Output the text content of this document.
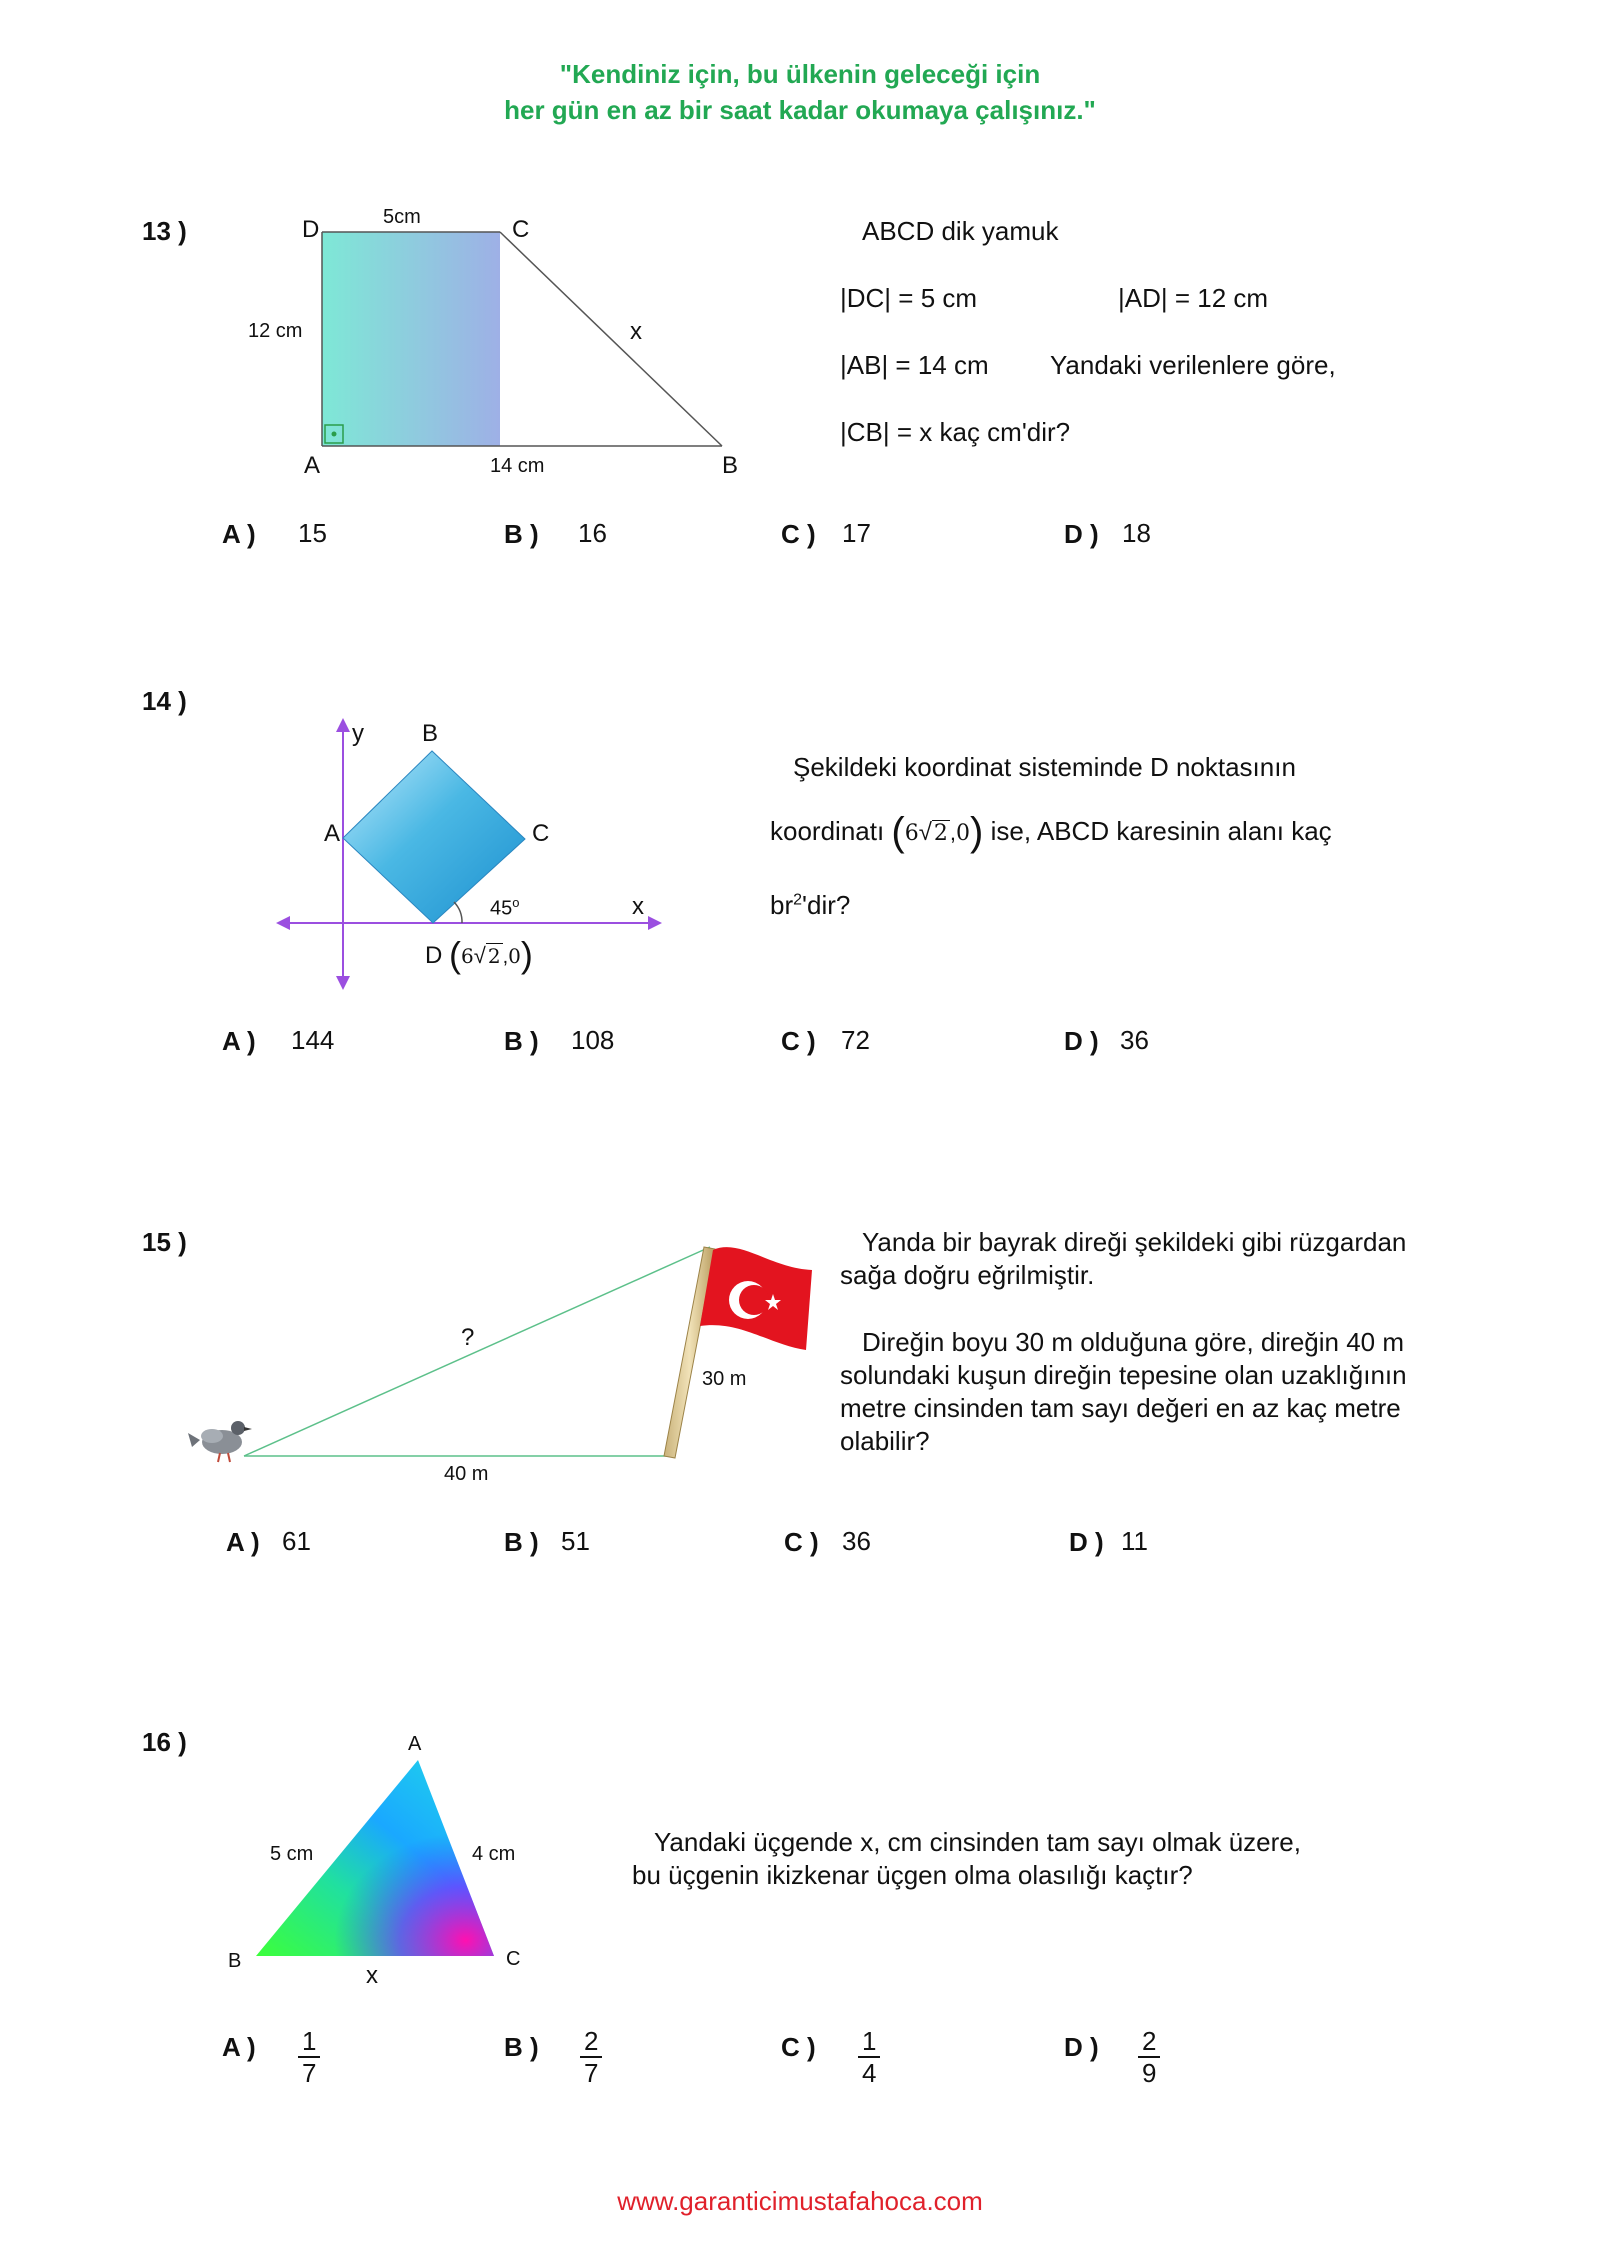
"Kendiniz için, bu ülkenin geleceği için
her gün en az bir saat kadar okumaya çalışınız."
13 )	D	C
A	B
5cm
12 cm
14 cm
x
ABCD dik yamuk
|DC| = 5 cm	|AD| = 12 cm
|AB| = 14 cm Yandaki verilenlere göre,
|CB| = x kaç cm'dir?
A ) 15	B ) 16	C ) 17	D ) 18
14 )
y B
A	C
x
45$^o$
D (6√ 2 ,0)
Şekildeki koordinat sisteminde D noktasının
koordinatı (6√2,0) ise, ABCD karesinin alanı kaç
$br^2'dir$?
A ) 144	B ) 108	C ) 72	D ) 36
15 )
?
40 m
30 m
Yanda bir bayrak direği şekildeki gibi rüzgardan
sağa doğru eğrilmiştir.
Direğin boyu 30 m olduğuna göre, direğin 40 m
solundaki kuşun direğin tepesine olan uzaklığının
metre cinsinden tam sayı değeri en az kaç metre
olabilir?
A ) 61	B ) 51	C ) 36	D ) 11
16 )	A
B	C
5 cm	4 cm
x
Yandaki üçgende x, cm cinsinden tam sayı olmak üzere,
bu üçgenin ikizkenar üçgen olma olasılığı kaçtır?
A ) $\frac{1}{7}$	B ) $\frac{2}{7}$	C ) $\frac{1}{4}$	D ) $\frac{2}{9}$
www.garanticimustafahoca.com
